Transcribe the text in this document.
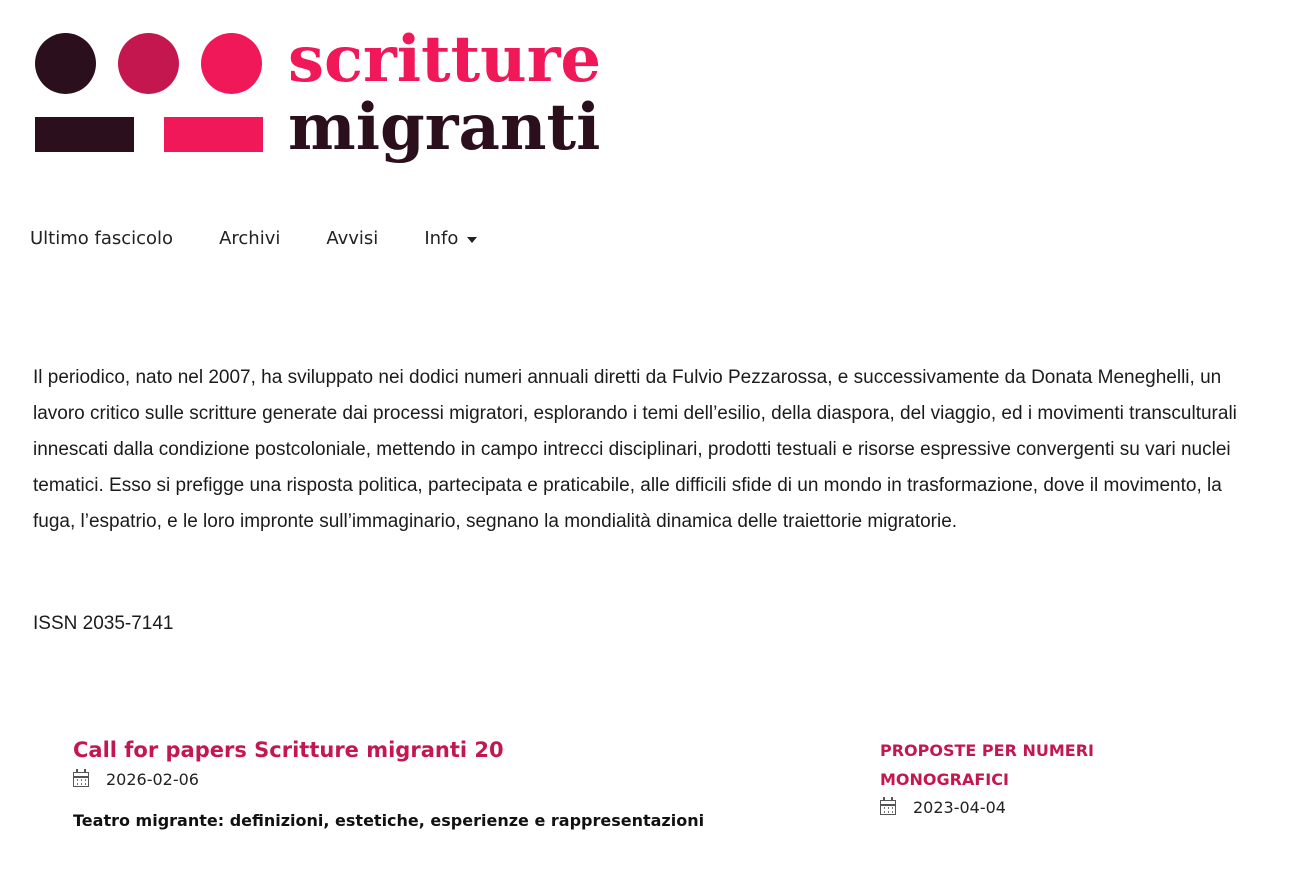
scritture
migranti
Ultimo fascicolo	Archivi	Avvisi	Info

Il periodico, nato nel 2007, ha sviluppato nei dodici numeri annuali diretti da Fulvio Pezzarossa, e successivamente da Donata Meneghelli, un lavoro critico sulle scritture generate dai processi migratori, esplorando i temi dell’esilio, della diaspora, del viaggio, ed i movimenti transculturali innescati dalla condizione postcoloniale, mettendo in campo intrecci disciplinari, prodotti testuali e risorse espressive convergenti su vari nuclei tematici. Esso si prefigge una risposta politica, partecipata e praticabile, alle difficili sfide di un mondo in trasformazione, dove il movimento, la fuga, l’espatrio, e le loro impronte sull’immaginario, segnano la mondialità dinamica delle traiettorie migratorie.

ISSN 2035-7141

Call for papers Scritture migranti 20
2026-02-06
Teatro migrante: definizioni, estetiche, esperienze e rappresentazioni
PROPOSTE PER NUMERI MONOGRAFICI
2023-04-04
